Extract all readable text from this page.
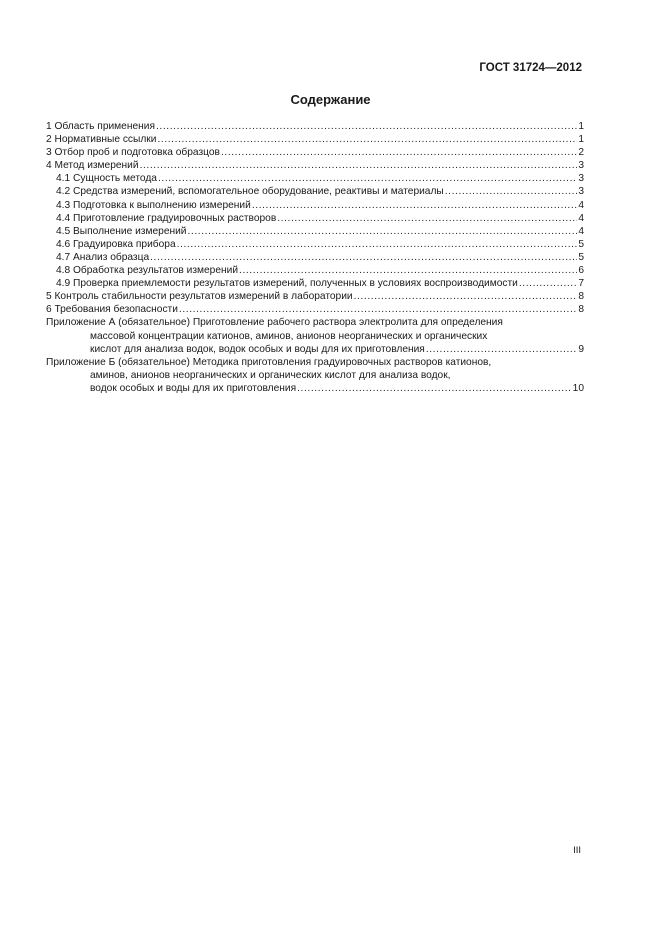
ГОСТ 31724—2012
Содержание
1 Область применения .....	1
2 Нормативные ссылки .....	1
3 Отбор проб и подготовка образцов .....	2
4 Метод измерений .....	3
4.1 Сущность метода .....	3
4.2 Средства измерений, вспомогательное оборудование, реактивы и материалы .....	3
4.3 Подготовка к выполнению измерений .....	4
4.4 Приготовление градуировочных растворов .....	4
4.5 Выполнение измерений .....	4
4.6 Градуировка прибора .....	5
4.7 Анализ образца .....	5
4.8 Обработка результатов измерений .....	6
4.9 Проверка приемлемости результатов измерений, полученных в условиях воспроизводимости .....	7
5 Контроль стабильности результатов измерений в лаборатории .....	8
6 Требования безопасности .....	8
Приложение А (обязательное) Приготовление рабочего раствора электролита для определения
массовой концентрации катионов, аминов, анионов неорганических и органических
кислот для анализа водок, водок особых и воды для их приготовления .....	9
Приложение Б (обязательное) Методика приготовления градуировочных растворов катионов,
аминов, анионов неорганических и органических кислот для анализа водок,
водок особых и воды для их приготовления .....	10
III
